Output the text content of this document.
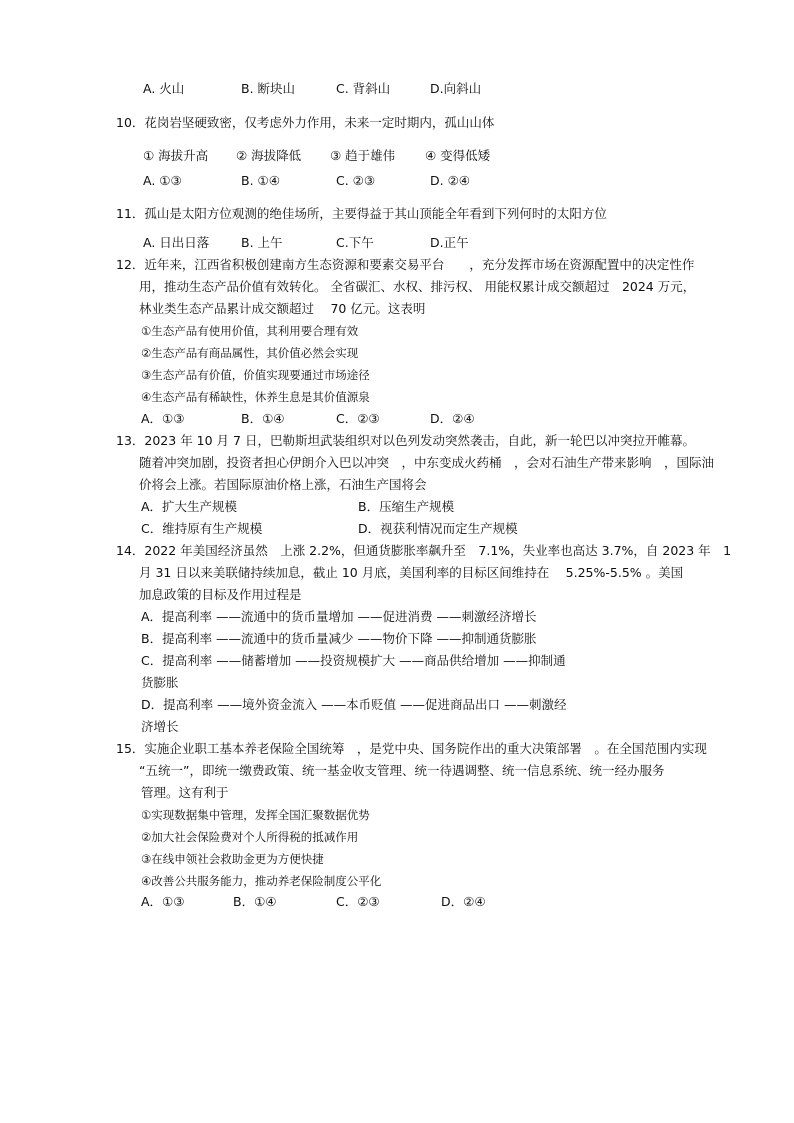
A. 火山	B. 断块山	C. 背斜山	D.向斜山
10．花岗岩坚硬致密，仅考虑外力作用，未来一定时期内，孤山山体
① 海拔升高 ② 海拔降低 ③ 趋于雄伟 ④ 变得低矮
A. ①③	B. ①④	C. ②③	D. ②④
11．孤山是太阳方位观测的绝佳场所，主要得益于其山顶能全年看到下列何时的太阳方位
A. 日出日落	B. 上午	C.下午	D.正午
12．近年来，江西省积极创建南方生态资源和要素交易平台　　，充分发挥市场在资源配置中的决定性作
用，推动生态产品价值有效转化。 全省碳汇、水权、排污权、 用能权累计成交额超过　2024 万元，
林业类生态产品累计成交额超过　 70 亿元。这表明
①生态产品有使用价值，其利用要合理有效
②生态产品有商品属性，其价值必然会实现
③生态产品有价值，价值实现要通过市场途径
④生态产品有稀缺性，休养生息是其价值源泉
A．①③	B．①④	C．②③	D．②④
13．2023 年 10 月 7 日，巴勒斯坦武装组织对以色列发动突然袭击，自此，新一轮巴以冲突拉开帷幕。
随着冲突加剧，投资者担心伊朗介入巴以冲突　，中东变成火药桶　，会对石油生产带来影响　，国际油
价将会上涨。若国际原油价格上涨，石油生产国将会
A．扩大生产规模	B．压缩生产规模
C．维持原有生产规模	D．视获利情况而定生产规模
14．2022 年美国经济虽然　上涨 2.2%，但通货膨胀率飙升至　7.1%，失业率也高达 3.7%，自 2023 年　1
月 31 日以来美联储持续加息，截止 10 月底，美国利率的目标区间维持在　 5.25%-5.5% 。美国
加息政策的目标及作用过程是
A．提高利率 ——流通中的货币量增加 ——促进消费 ——刺激经济增长
B．提高利率 ——流通中的货币量减少 ——物价下降 ——抑制通货膨胀
C．提高利率 ——储蓄增加 ——投资规模扩大 ——商品供给增加 ——抑制通
货膨胀
D．提高利率 ——境外资金流入 ——本币贬值 ——促进商品出口 ——刺激经
济增长
15．实施企业职工基本养老保险全国统筹　，是党中央、国务院作出的重大决策部署　。在全国范围内实现
“五统一”，即统一缴费政策、统一基金收支管理、统一待遇调整、统一信息系统、统一经办服务
管理。这有利于
①实现数据集中管理，发挥全国汇聚数据优势
②加大社会保险费对个人所得税的抵减作用
③在线申领社会救助金更为方便快捷
④改善公共服务能力，推动养老保险制度公平化
A．①③	B．①④	C．②③	D．②④
